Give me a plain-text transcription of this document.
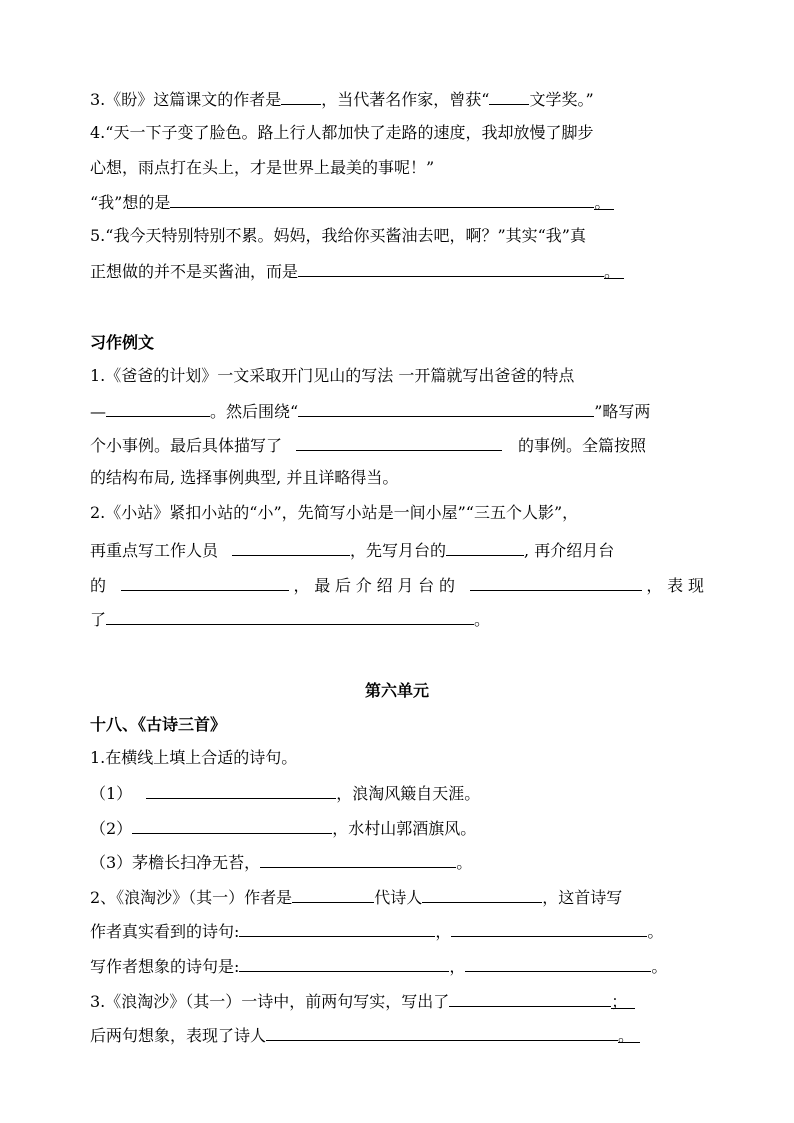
3.《盼》这篇课文的作者是	，当代著名作家，曾获“	文学奖。”
4.“天一下子变了脸色。路上行人都加快了走路的速度，我却放慢了脚步
心想，雨点打在头上，才是世界上最美的事呢！”
“我”想的是	。
5.“我今天特别特别不累。妈妈，我给你买酱油去吧，啊？”其实“我”真
正想做的并不是买酱油，而是	。
习作例文
1.《爸爸的计划》一文采取开门见山的写法 一开篇就写出爸爸的特点
—	。然后围绕“	”略写两
个小事例。最后具体描写了	的事例。全篇按照
的结构布局, 选择事例典型, 并且详略得当。
2.《小站》紧扣小站的“小”，先简写小站是一间小屋”“三五个人影”，
再重点写工作人员	，先写月台的	, 再介绍月台
的	，最后介绍月台的	，表现
了	。
第六单元
十八、《古诗三首》
1.在横线上填上合适的诗句。
（1）	，浪淘风簸自天涯。
（2）	，水村山郭酒旗风。
（3）茅檐长扫净无苔，	。
2、《浪淘沙》（其一）作者是	代诗人	，这首诗写
作者真实看到的诗句:	，	。
写作者想象的诗句是:	，	。
3.《浪淘沙》（其一）一诗中，前两句写实，写出了	；
后两句想象，表现了诗人	。
